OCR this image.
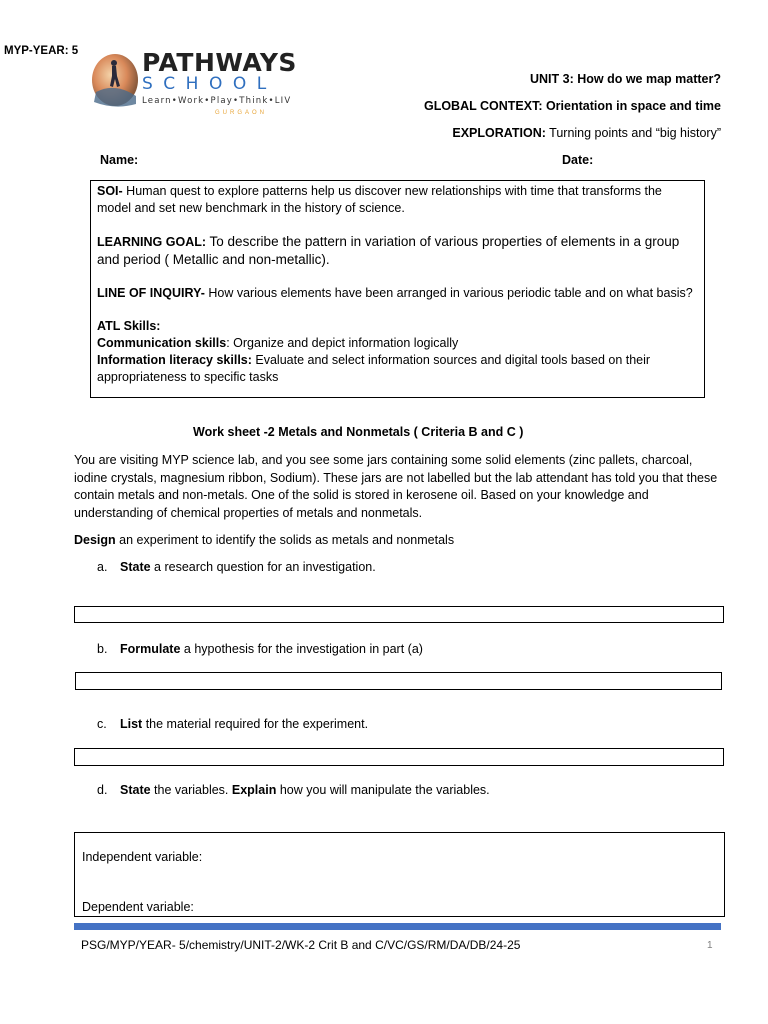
MYP-YEAR: 5	PATHWAYS
SCHOOL
Learn•Work•Play•Think•LIV
GURGAON
UNIT 3: How do we map matter?
GLOBAL CONTEXT: Orientation in space and time
EXPLORATION: Turning points and “big history”
Name:	Date:

SOI- Human quest to explore patterns help us discover new relationships with time that transforms the model and set new benchmark in the history of science.

LEARNING GOAL: To describe the pattern in variation of various properties of elements in a group and period ( Metallic and non-metallic).

LINE OF INQUIRY- How various elements have been arranged in various periodic table and on what basis?

ATL Skills:

Communication skills: Organize and depict information logically

Information literacy skills: Evaluate and select information sources and digital tools based on their appropriateness to specific tasks

Work sheet -2 Metals and Nonmetals ( Criteria B and C )
You are visiting MYP science lab, and you see some jars containing some solid elements (zinc pallets, charcoal, iodine crystals, magnesium ribbon, Sodium). These jars are not labelled but the lab attendant has told you that these contain metals and non-metals. One of the solid is stored in kerosene oil. Based on your knowledge and understanding of chemical properties of metals and nonmetals.
Design an experiment to identify the solids as metals and nonmetals
a. State a research question for an investigation.
b. Formulate a hypothesis for the investigation in part (a)
c. List the material required for the experiment.
d. State the variables. Explain how you will manipulate the variables.
Independent variable:
Dependent variable:
PSG/MYP/YEAR- 5/chemistry/UNIT-2/WK-2 Crit B and C/VC/GS/RM/DA/DB/24-25	1
